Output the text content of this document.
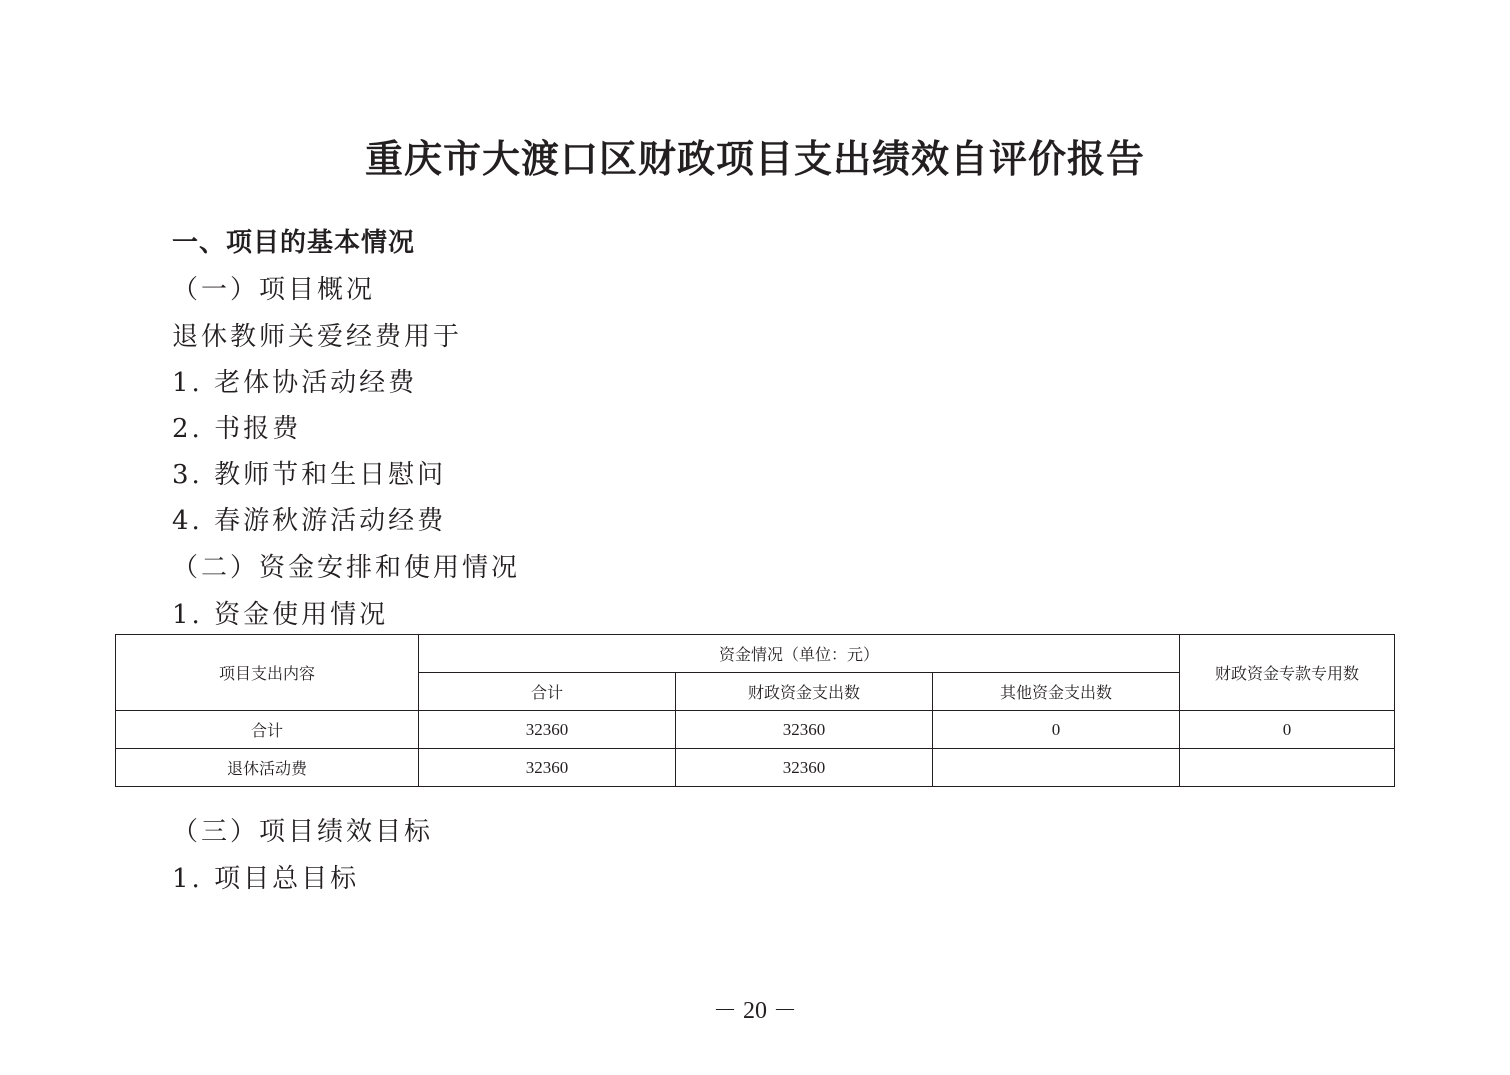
重庆市大渡口区财政项目支出绩效自评价报告

一、项目的基本情况

（一）项目概况

退休教师关爱经费用于

1. 老体协活动经费

2. 书报费

3. 教师节和生日慰问

4. 春游秋游活动经费

（二）资金安排和使用情况

1. 资金使用情况

项目支出内容	资金情况（单位：元）			财政资金专款专用数
	合计	财政资金支出数	其他资金支出数	
合计	32360	32360	0	0
退休活动费	32360	32360		

（三）项目绩效目标

1. 项目总目标

－ 20 －
